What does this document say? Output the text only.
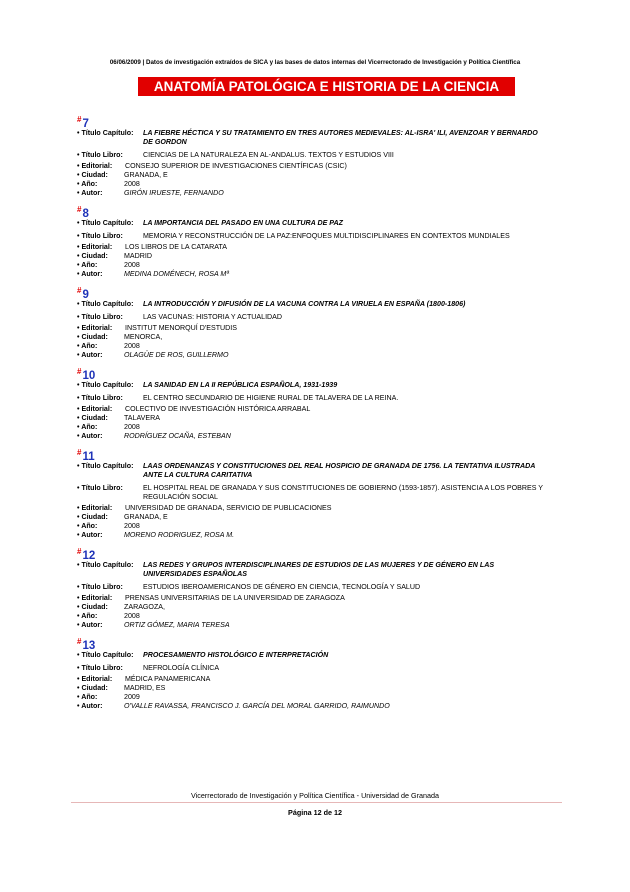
06/06/2009 | Datos de investigación extraídos de SICA y las bases de datos internas del Vicerrectorado de Investigación y Política Científica
ANATOMÍA PATOLÓGICA E HISTORIA DE LA CIENCIA
#7
• Título Capítulo: LA FIEBRE HÉCTICA Y SU TRATAMIENTO EN TRES AUTORES MEDIEVALES: AL-ISRA' ILI, AVENZOAR Y BERNARDO DE GORDON
• Título Libro:	CIENCIAS DE LA NATURALEZA EN AL-ANDALUS. TEXTOS Y ESTUDIOS VIII
• Editorial: CONSEJO SUPERIOR DE INVESTIGACIONES CIENTÍFICAS (CSIC)
• Ciudad: GRANADA, E
• Año:	2008
• Autor:	GIRÓN IRUESTE, FERNANDO
#8
• Título Capítulo: LA IMPORTANCIA DEL PASADO EN UNA CULTURA DE PAZ
• Título Libro:	MEMORIA Y RECONSTRUCCIÓN DE LA PAZ:ENFOQUES MULTIDISCIPLINARES EN CONTEXTOS MUNDIALES
• Editorial: LOS LIBROS DE LA CATARATA
• Ciudad: MADRID
• Año:	2008
• Autor:	MEDINA DOMÉNECH, ROSA Mª
#9
• Título Capítulo: LA INTRODUCCIÓN Y DIFUSIÓN DE LA VACUNA CONTRA LA VIRUELA EN ESPAÑA (1800-1806)
• Título Libro:	LAS VACUNAS: HISTORIA Y ACTUALIDAD
• Editorial: INSTITUT MENORQUÍ D'ESTUDIS
• Ciudad: MENORCA,
• Año:	2008
• Autor:	OLAGÜE DE ROS, GUILLERMO
#10
• Título Capítulo: LA SANIDAD EN LA II REPÚBLICA ESPAÑOLA, 1931-1939
• Título Libro:	EL CENTRO SECUNDARIO DE HIGIENE RURAL DE TALAVERA DE LA REINA.
• Editorial: COLECTIVO DE INVESTIGACIÓN HISTÓRICA ARRABAL
• Ciudad: TALAVERA
• Año:	2008
• Autor:	RODRÍGUEZ OCAÑA, ESTEBAN
#11
• Título Capítulo: LAAS ORDENANZAS Y CONSTITUCIONES DEL REAL HOSPICIO DE GRANADA DE 1756. LA TENTATIVA ILUSTRADA ANTE LA CULTURA CARITATIVA
• Título Libro:	EL HOSPITAL REAL DE GRANADA Y SUS CONSTITUCIONES DE GOBIERNO (1593-1857). ASISTENCIA A LOS POBRES Y REGULACIÓN SOCIAL
• Editorial: UNIVERSIDAD DE GRANADA, SERVICIO DE PUBLICACIONES
• Ciudad: GRANADA, E
• Año:	2008
• Autor:	MORENO RODRIGUEZ, ROSA M.
#12
• Título Capítulo: LAS REDES Y GRUPOS INTERDISCIPLINARES DE ESTUDIOS DE LAS MUJERES Y DE GÉNERO EN LAS UNIVERSIDADES ESPAÑOLAS
• Título Libro:	ESTUDIOS IBEROAMERICANOS DE GÉNERO EN CIENCIA, TECNOLOGÍA Y SALUD
• Editorial: PRENSAS UNIVERSITARIAS DE LA UNIVERSIDAD DE ZARAGOZA
• Ciudad: ZARAGOZA,
• Año:	2008
• Autor:	ORTIZ GÓMEZ, MARIA TERESA
#13
• Título Capítulo: PROCESAMIENTO HISTOLÓGICO E INTERPRETACIÓN
• Título Libro:	NEFROLOGÍA CLÍNICA
• Editorial: MÉDICA PANAMERICANA
• Ciudad: MADRID, ES
• Año:	2009
• Autor:	O'VALLE RAVASSA, FRANCISCO J. GARCÍA DEL MORAL GARRIDO, RAIMUNDO
Vicerrectorado de Investigación y Política Científica - Universidad de Granada
Página 12 de 12
